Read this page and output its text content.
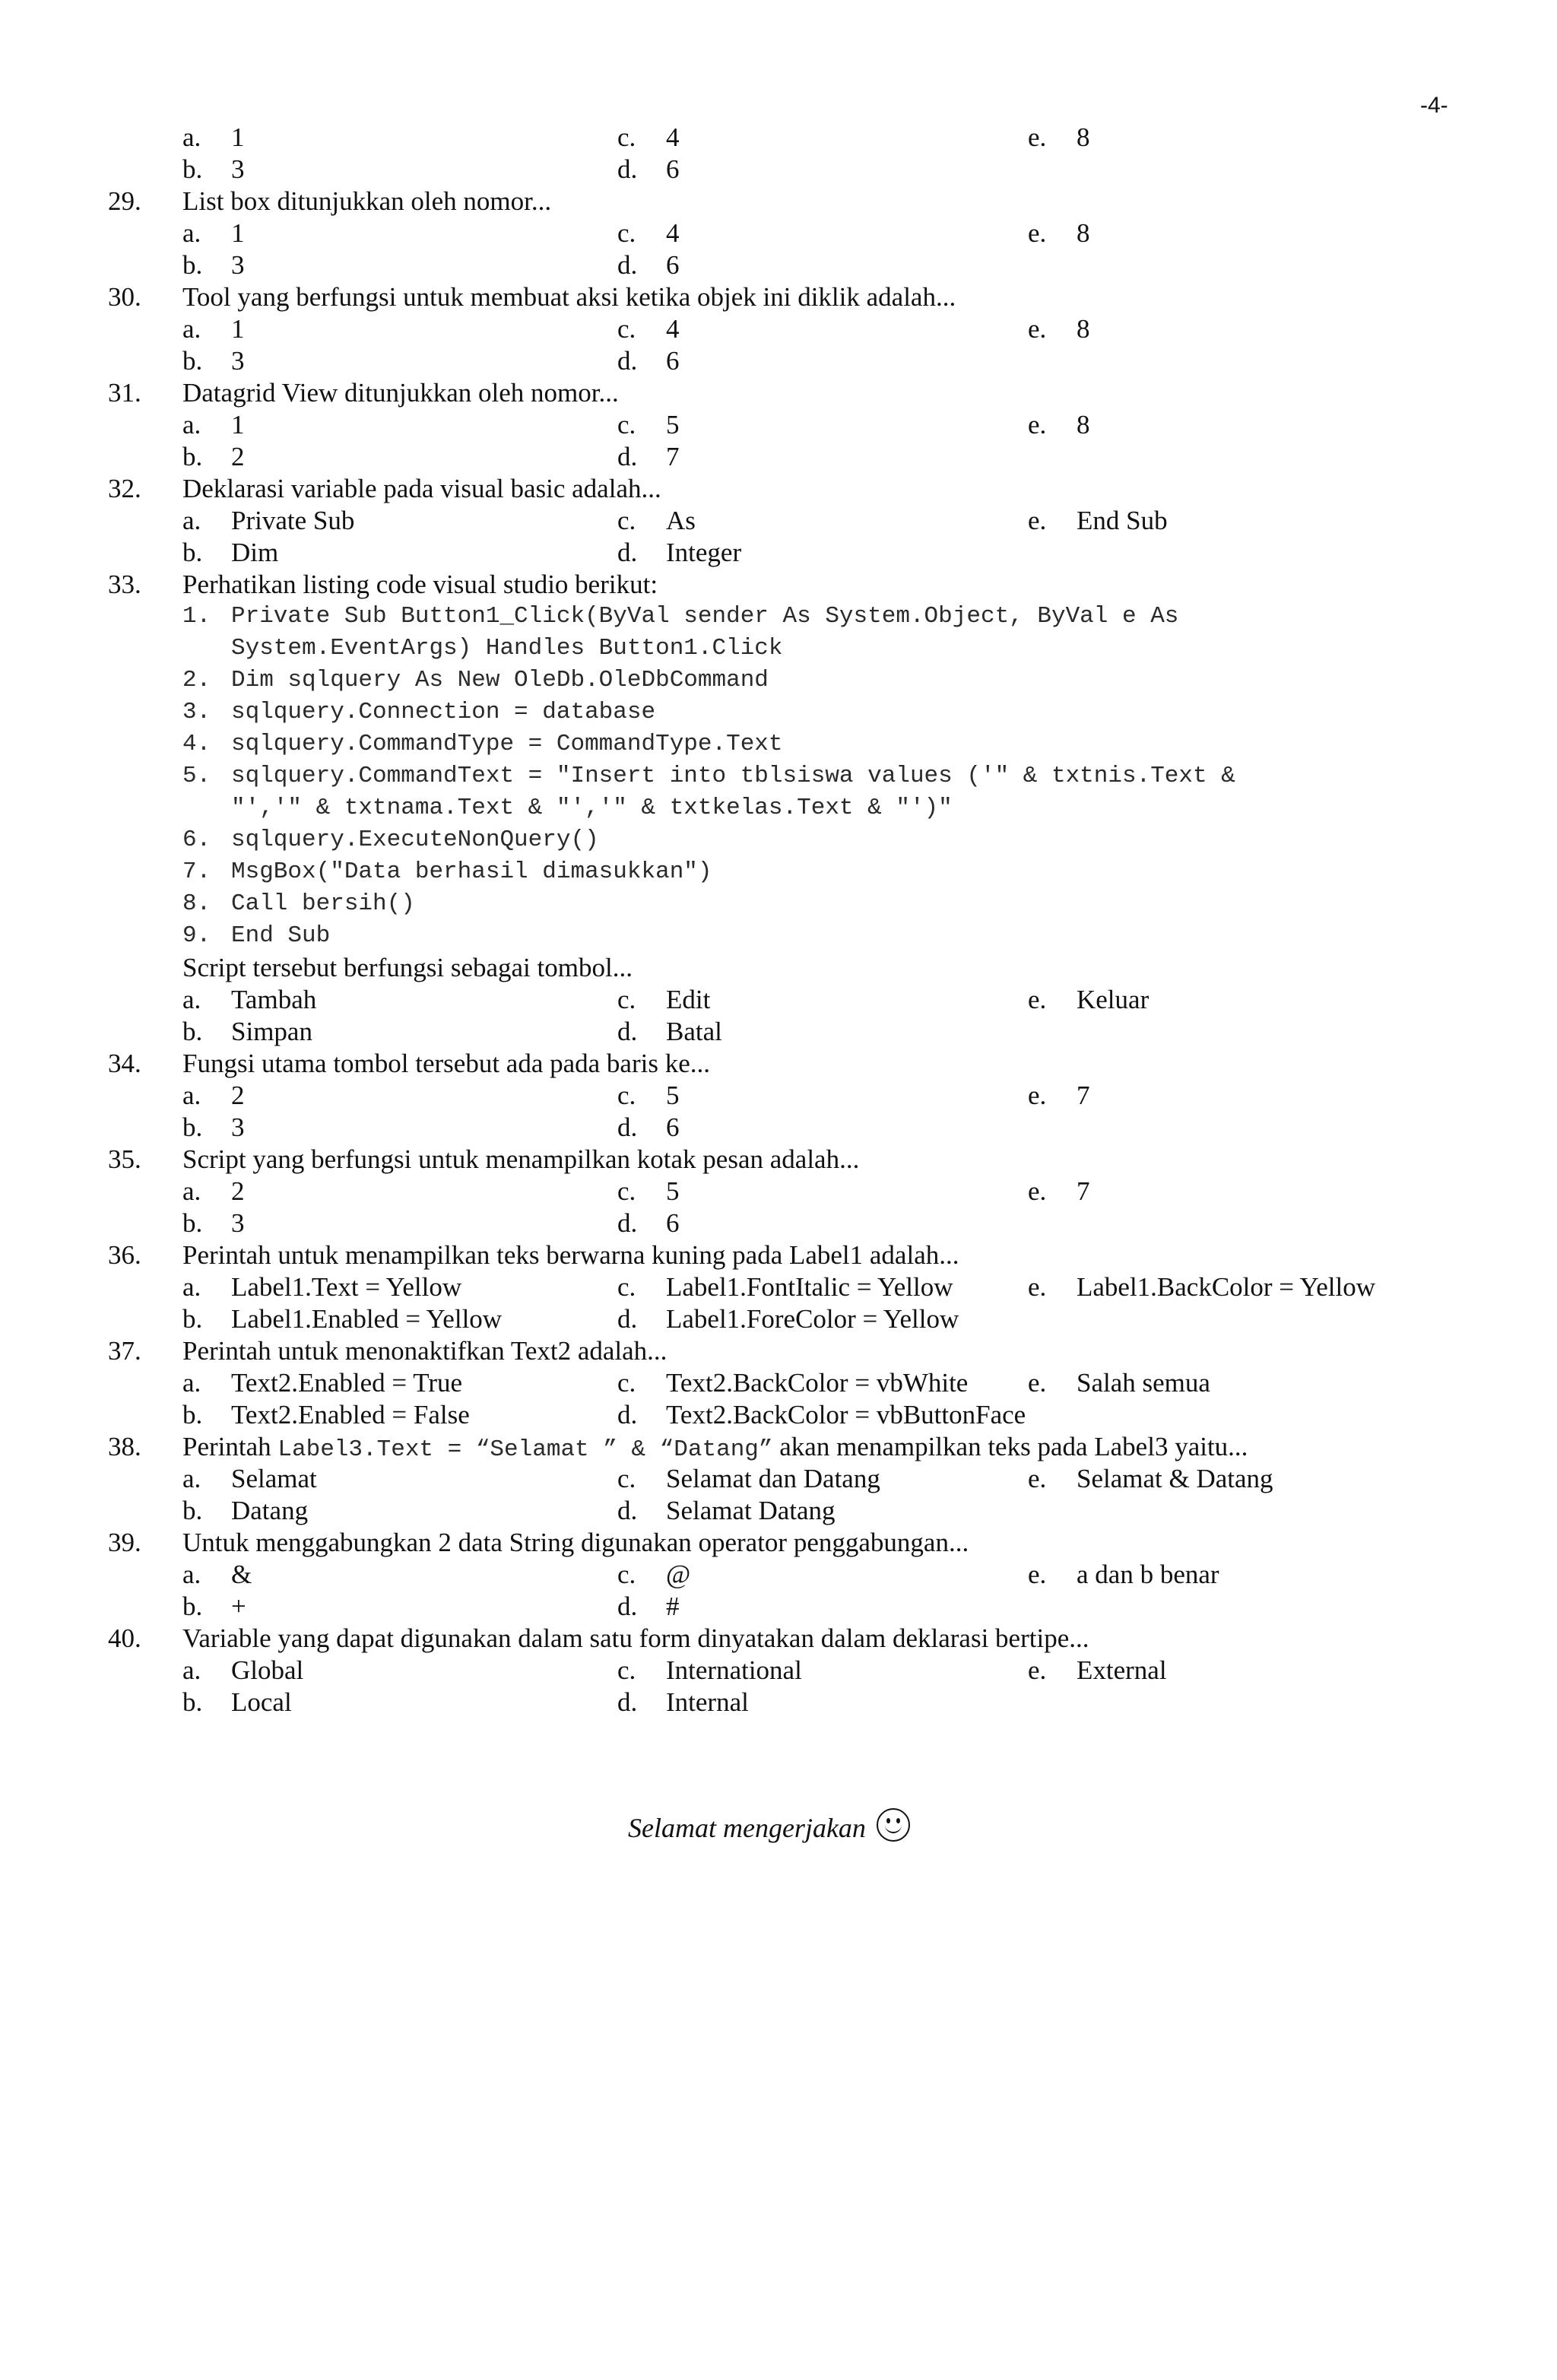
-4-
a. 1	c. 4	e. 8
b. 3	d. 6
29. List box ditunjukkan oleh nomor...
a. 1	c. 4	e. 8
b. 3	d. 6
30. Tool yang berfungsi untuk membuat aksi ketika objek ini diklik adalah...
a. 1	c. 4	e. 8
b. 3	d. 6
31. Datagrid View ditunjukkan oleh nomor...
a. 1	c. 5	e. 8
b. 2	d. 7
32. Deklarasi variable pada visual basic adalah...
a. Private Sub	c. As	e. End Sub
b. Dim	d. Integer
33. Perhatikan listing code visual studio berikut:
1. Private Sub Button1_Click(ByVal sender As System.Object, ByVal e As
System.EventArgs) Handles Button1.Click
2. Dim sqlquery As New OleDb.OleDbCommand
3. sqlquery.Connection = database
4. sqlquery.CommandType = CommandType.Text
5. sqlquery.CommandText = "Insert into tblsiswa values ('" & txtnis.Text &
"','" & txtnama.Text & "','" & txtkelas.Text & "')"
6. sqlquery.ExecuteNonQuery()
7. MsgBox("Data berhasil dimasukkan")
8. Call bersih()
9. End Sub
Script tersebut berfungsi sebagai tombol...
a. Tambah	c. Edit	e. Keluar
b. Simpan	d. Batal
34. Fungsi utama tombol tersebut ada pada baris ke...
a. 2	c. 5	e. 7
b. 3	d. 6
35. Script yang berfungsi untuk menampilkan kotak pesan adalah...
a. 2	c. 5	e. 7
b. 3	d. 6
36. Perintah untuk menampilkan teks berwarna kuning pada Label1 adalah...
a. Label1.Text = Yellow	c. Label1.FontItalic = Yellow	e. Label1.BackColor = Yellow
b. Label1.Enabled = Yellow	d. Label1.ForeColor = Yellow
37. Perintah untuk menonaktifkan Text2 adalah...
a. Text2.Enabled = True	c. Text2.BackColor = vbWhite e. Salah semua
b. Text2.Enabled = False	d. Text2.BackColor = vbButtonFace
38. Perintah Label3.Text = “Selamat ” & “Datang” akan menampilkan teks pada Label3 yaitu...
a. Selamat	c. Selamat dan Datang	e. Selamat & Datang
b. Datang	d. Selamat Datang
39. Untuk menggabungkan 2 data String digunakan operator penggabungan...
a. &	c. @	e. a dan b benar
b. +	d. #
40. Variable yang dapat digunakan dalam satu form dinyatakan dalam deklarasi bertipe...
a. Global	c. International	e. External
b. Local	d. Internal
Selamat mengerjakan
